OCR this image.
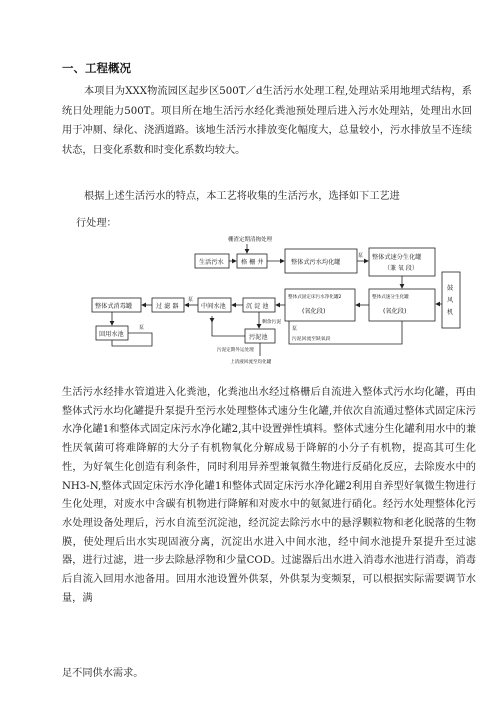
一、工程概况
本项目为XXX物流园区起步区500T／d生活污水处理工程,处理站采用地埋式结构，系统日处理能力500T。项目所在地生活污水经化粪池预处理后进入污水处理站，处理出水回用于冲厕、绿化、浇洒道路。该地生活污水排放变化幅度大，总量较小，污水排放呈不连续状态，日变化系数和时变化系数均较大。
根据上述生活污水的特点，本工艺将收集的生活污水，选择如下工艺进
行处理：
栅渣定期清掏处理
生活污水	格 栅 井	整体式污水均化罐
泵 整体式速分生化罐
（兼 氧 段）
鼓
风
机
整体式速分生化罐
(氧化段)
整体式固定床污水净化罐2
(氧化段)
沉 淀 池
剩余污泥
中间水池
泵
过 滤 器
整体式消毒罐
回用水池
泵
污泥池
污泥定期外运处理
上清液回流至均化罐
污泥回流至缺氧段
泵
生活污水经排水管道进入化粪池，化粪池出水经过格栅后自流进入整体式污水均化罐，再由整体式污水均化罐提升泵提升至污水处理整体式速分生化罐,并依次自流通过整体式固定床污水净化罐1和整体式固定床污水净化罐2,其中设置弹性填料。整体式速分生化罐利用水中的兼性厌氧菌可将难降解的大分子有机物氧化分解成易于降解的小分子有机物，提高其可生化性，为好氧生化创造有利条件，同时利用异养型兼氧微生物进行反硝化反应，去除废水中的NH3-N,整体式固定床污水净化罐1和整体式固定床污水净化罐2利用自养型好氧微生物进行生化处理，对废水中含碳有机物进行降解和对废水中的氨氮进行硝化。经污水处理整体化污水处理设备处理后，污水自流至沉淀池，经沉淀去除污水中的悬浮颗粒物和老化脱落的生物膜，使处理后出水实现固液分离，沉淀出水进入中间水池，经中间水池提升泵提升至过滤器，进行过滤，进一步去除悬浮物和少量COD。过滤器后出水进入消毒水池进行消毒，消毒后自流入回用水池备用。回用水池设置外供泵，外供泵为变频泵，可以根据实际需要调节水量，满
足不同供水需求。
